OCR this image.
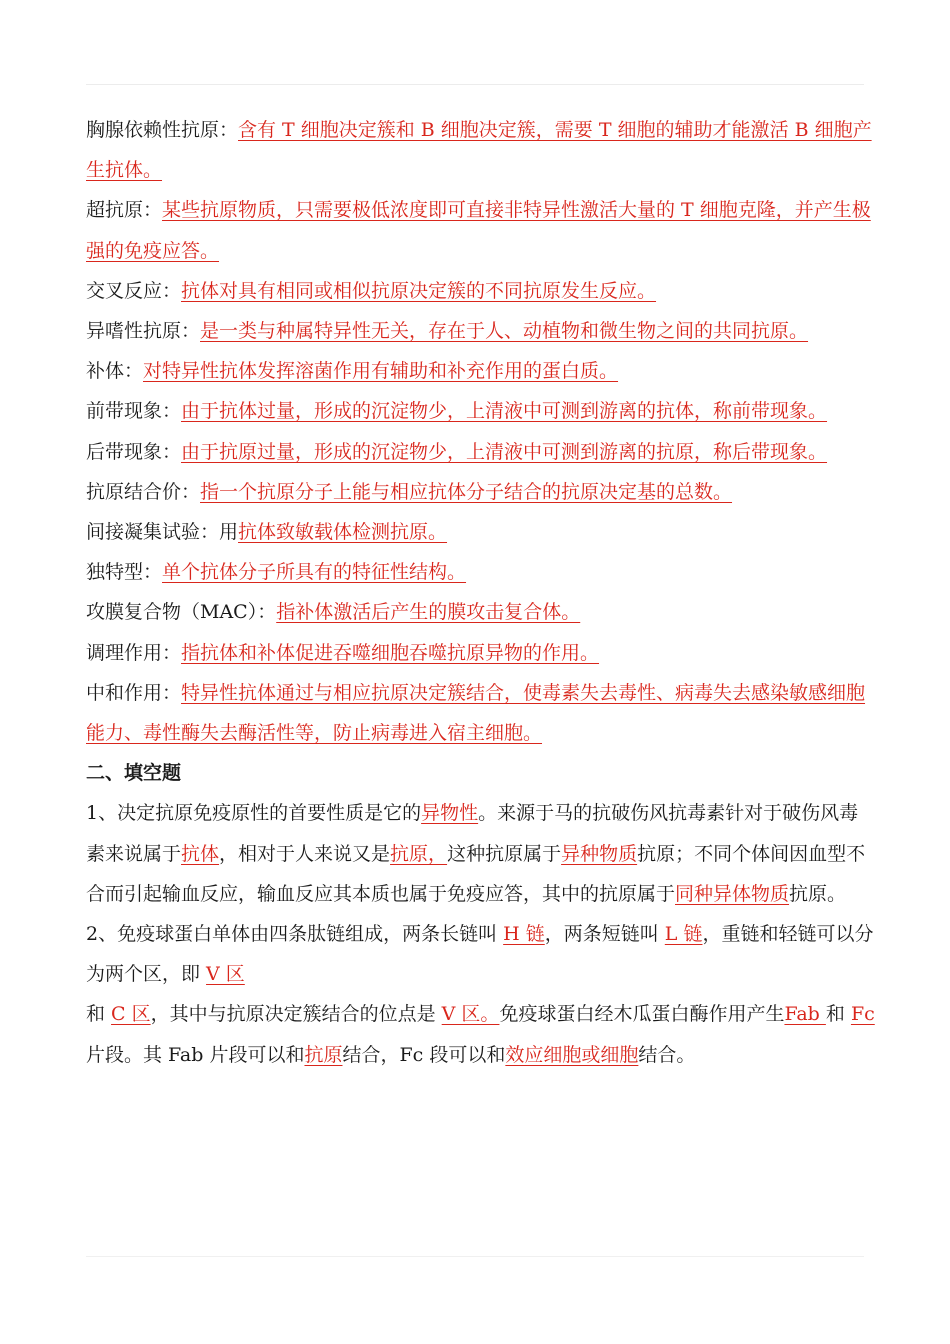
胸腺依赖性抗原：含有 T 细胞决定簇和 B 细胞决定簇，需要 T 细胞的辅助才能激活 B 细胞产生抗体。
超抗原：某些抗原物质，只需要极低浓度即可直接非特异性激活大量的 T 细胞克隆，并产生极强的免疫应答。
交叉反应：抗体对具有相同或相似抗原决定簇的不同抗原发生反应。
异嗜性抗原：是一类与种属特异性无关，存在于人、动植物和微生物之间的共同抗原。
补体：对特异性抗体发挥溶菌作用有辅助和补充作用的蛋白质。
前带现象：由于抗体过量，形成的沉淀物少，上清液中可测到游离的抗体，称前带现象。
后带现象：由于抗原过量，形成的沉淀物少，上清液中可测到游离的抗原，称后带现象。
抗原结合价：指一个抗原分子上能与相应抗体分子结合的抗原决定基的总数。
间接凝集试验：用抗体致敏载体检测抗原。
独特型：单个抗体分子所具有的特征性结构。
攻膜复合物（MAC）：指补体激活后产生的膜攻击复合体。
调理作用：指抗体和补体促进吞噬细胞吞噬抗原异物的作用。
中和作用：特异性抗体通过与相应抗原决定簇结合，使毒素失去毒性、病毒失去感染敏感细胞能力、毒性酶失去酶活性等，防止病毒进入宿主细胞。
二、填空题
1、决定抗原免疫原性的首要性质是它的异物性。来源于马的抗破伤风抗毒素针对于破伤风毒素来说属于抗体，相对于人来说又是抗原，这种抗原属于异种物质抗原；不同个体间因血型不合而引起输血反应，输血反应其本质也属于免疫应答，其中的抗原属于同种异体物质抗原。
2、免疫球蛋白单体由四条肽链组成，两条长链叫 H 链，两条短链叫 L 链，重链和轻链可以分为两个区，即 V 区
和 C 区，其中与抗原决定簇结合的位点是 V 区。免疫球蛋白经木瓜蛋白酶作用产生Fab 和 Fc 片段。其 Fab 片段可以和抗原结合，Fc 段可以和效应细胞或细胞结合。
